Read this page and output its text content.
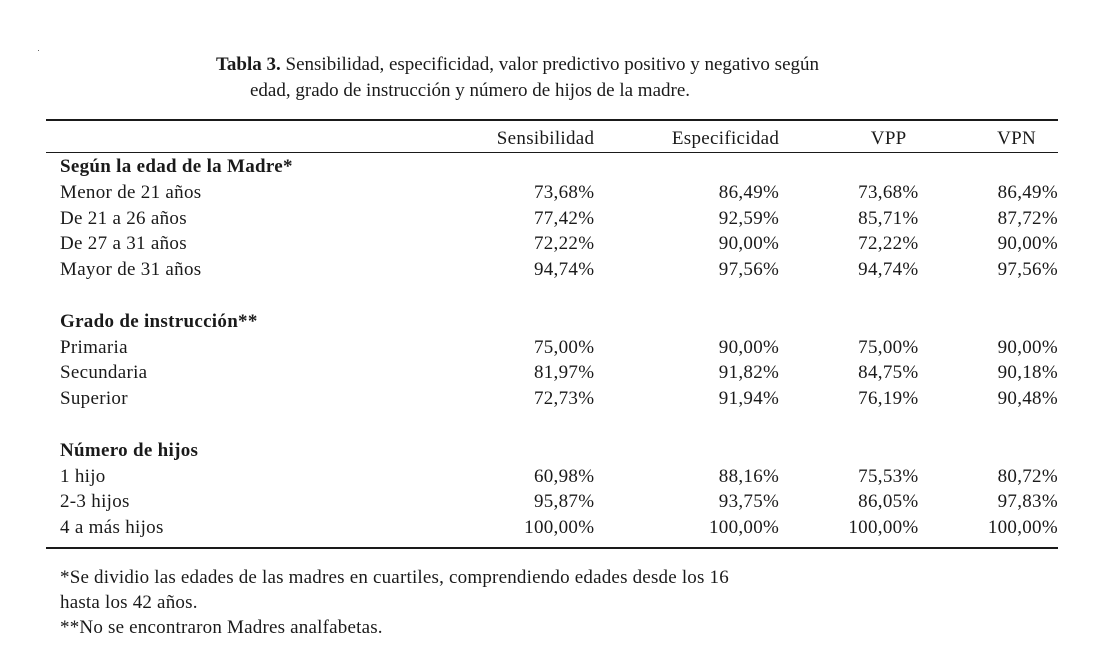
Tabla 3. Sensibilidad, especificidad, valor predictivo positivo y negativo según
edad, grado de instrucción y número de hijos de la madre.
	Sensibilidad	Especificidad	VPP	VPN
Según la edad de la Madre*				
Menor de 21 años	73,68%	86,49%	73,68%	86,49%
De 21 a 26 años	77,42%	92,59%	85,71%	87,72%
De 27 a 31 años	72,22%	90,00%	72,22%	90,00%
Mayor de 31 años	94,74%	97,56%	94,74%	97,56%

Grado de instrucción**				
Primaria	75,00%	90,00%	75,00%	90,00%
Secundaria	81,97%	91,82%	84,75%	90,18%
Superior	72,73%	91,94%	76,19%	90,48%

Número de hijos				
1 hijo	60,98%	88,16%	75,53%	80,72%
2-3 hijos	95,87%	93,75%	86,05%	97,83%
4 a más hijos	100,00%	100,00%	100,00%	100,00%

*Se dividio las edades de las madres en cuartiles, comprendiendo edades desde los 16

hasta los 42 años.

**No se encontraron Madres analfabetas.
